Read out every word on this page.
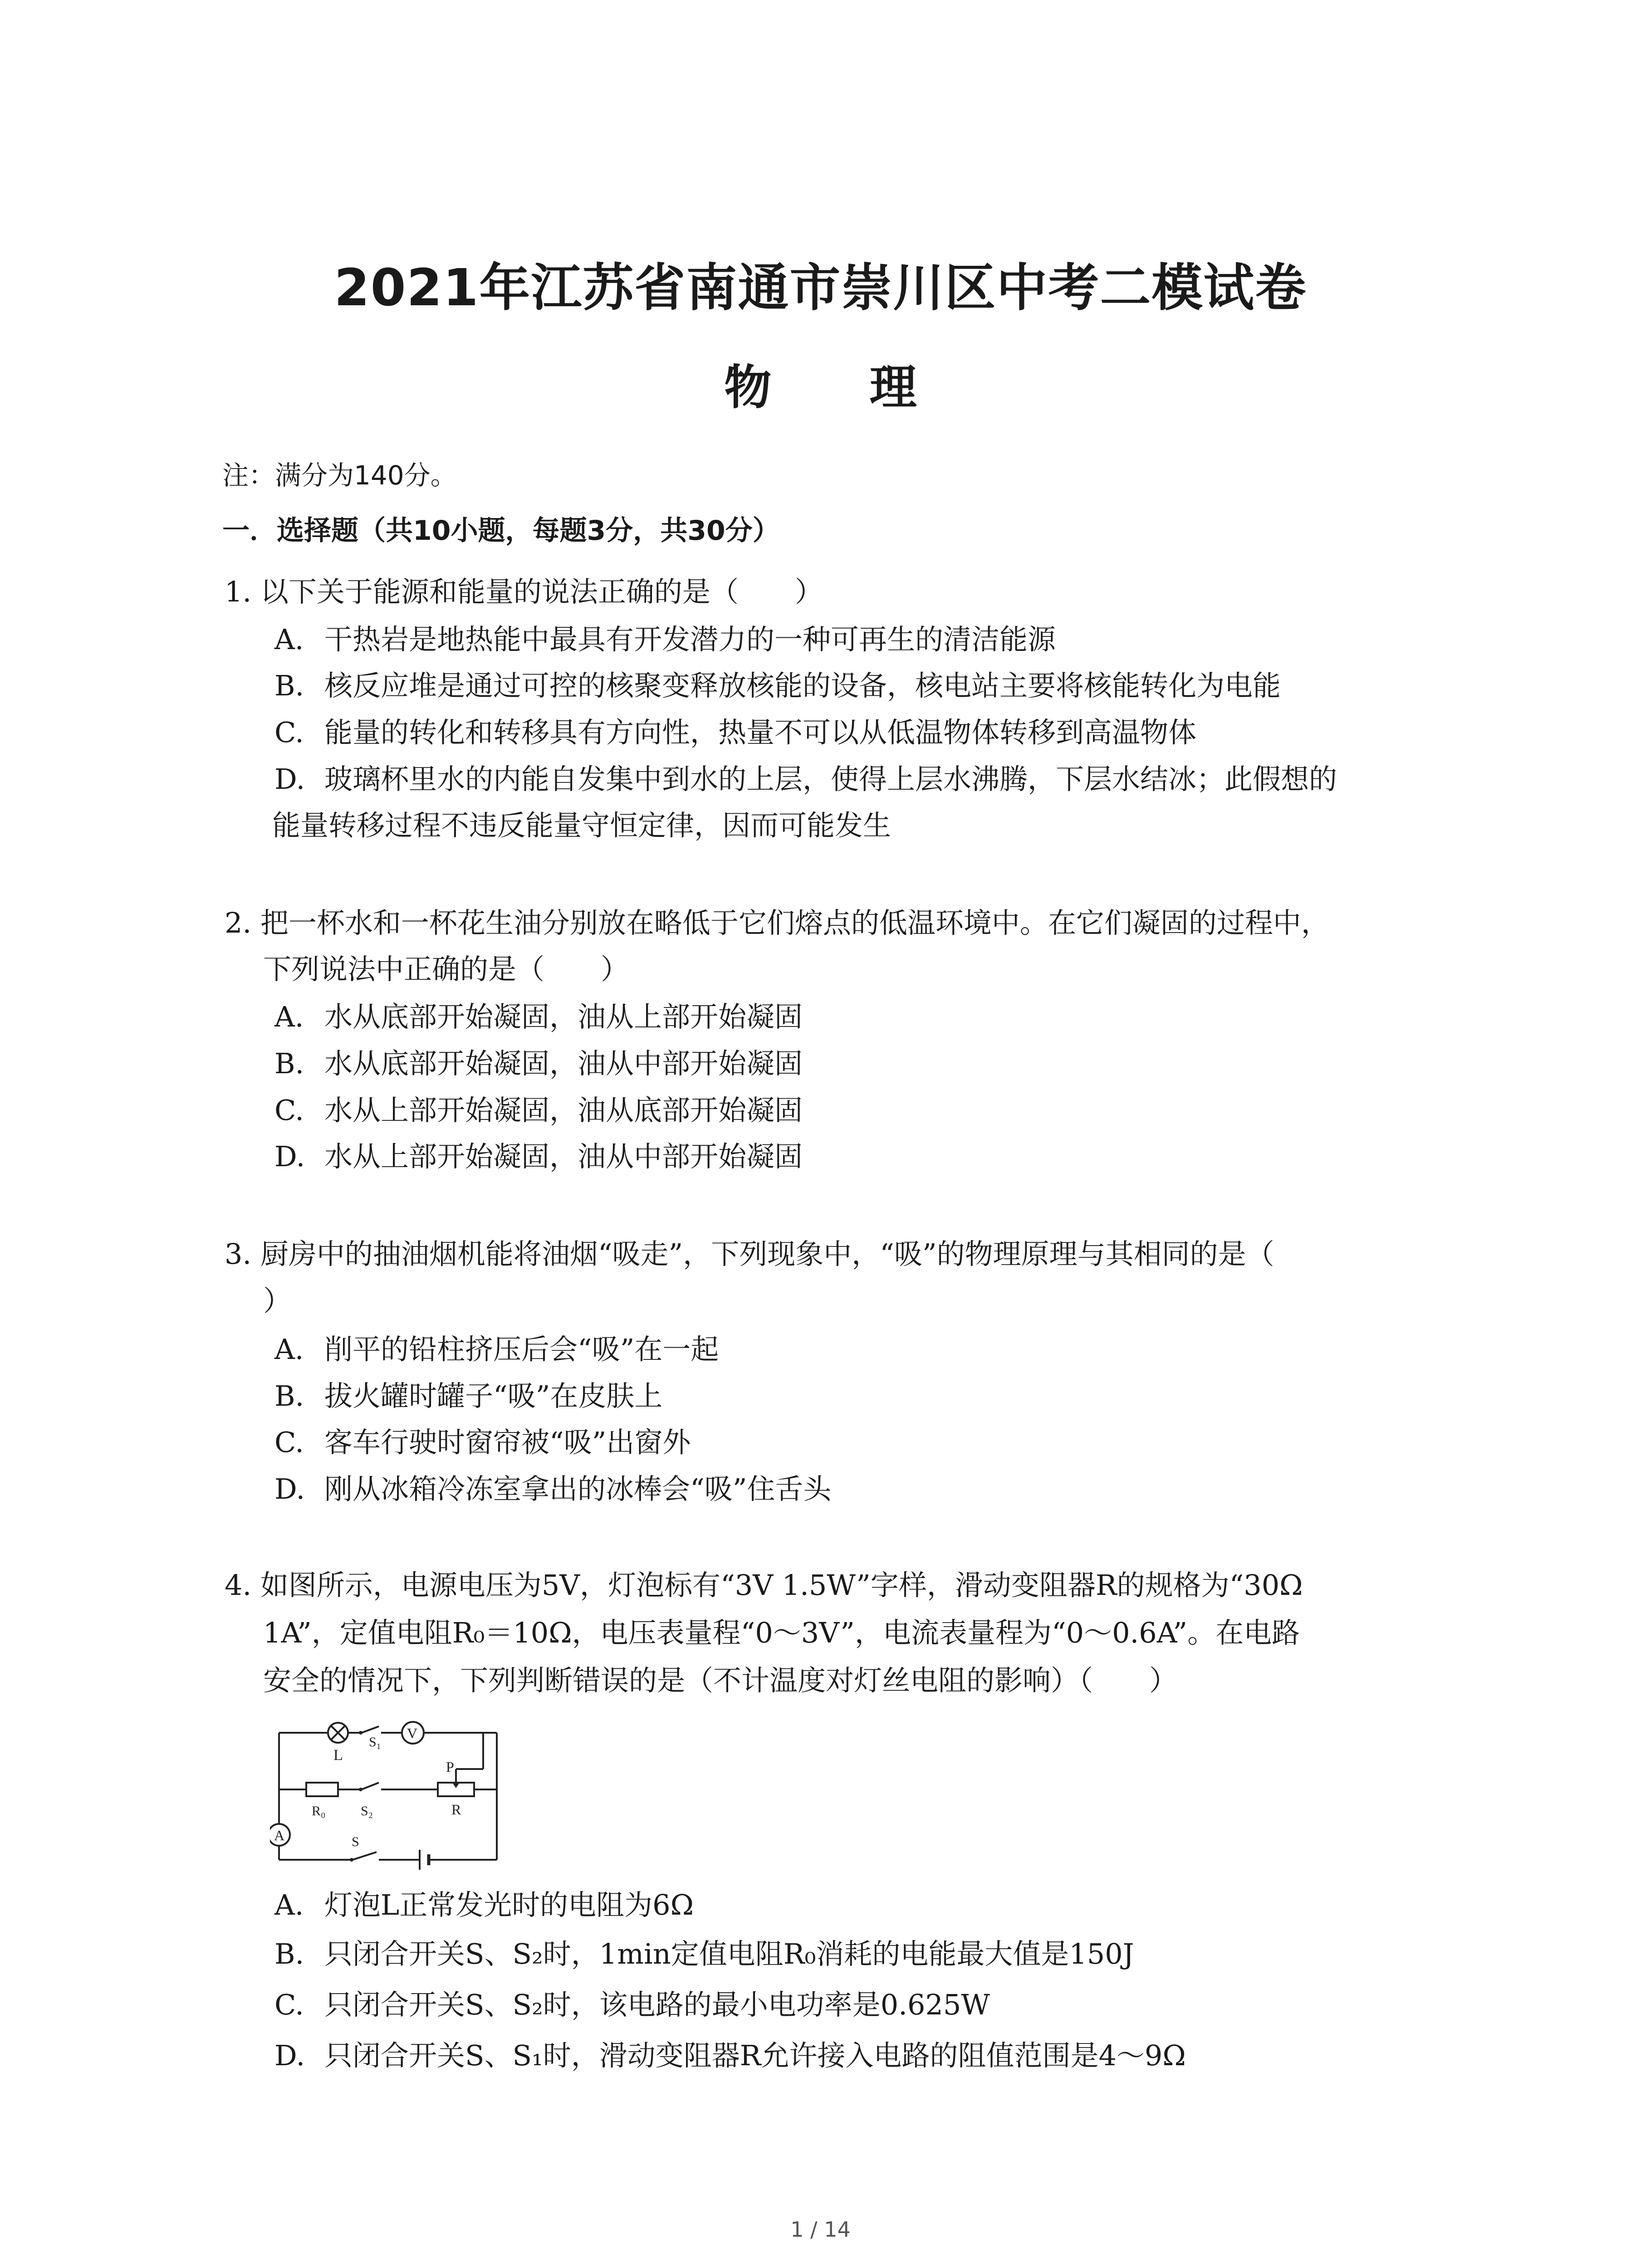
2021年江苏省南通市崇川区中考二模试卷
物 理
注：满分为140分。
一．选择题（共10小题，每题3分，共30分）
1. 以下关于能源和能量的说法正确的是（　　）
A. 干热岩是地热能中最具有开发潜力的一种可再生的清洁能源
B. 核反应堆是通过可控的核聚变释放核能的设备，核电站主要将核能转化为电能
C. 能量的转化和转移具有方向性，热量不可以从低温物体转移到高温物体
D. 玻璃杯里水的内能自发集中到水的上层，使得上层水沸腾，下层水结冰；此假想的
能量转移过程不违反能量守恒定律，因而可能发生
2. 把一杯水和一杯花生油分别放在略低于它们熔点的低温环境中。在它们凝固的过程中，
下列说法中正确的是（　　）
A. 水从底部开始凝固，油从上部开始凝固
B. 水从底部开始凝固，油从中部开始凝固
C. 水从上部开始凝固，油从底部开始凝固
D. 水从上部开始凝固，油从中部开始凝固
3. 厨房中的抽油烟机能将油烟“吸走”，下列现象中，“吸”的物理原理与其相同的是（
）
A. 削平的铅柱挤压后会“吸”在一起
B. 拔火罐时罐子“吸”在皮肤上
C. 客车行驶时窗帘被“吸”出窗外
D. 刚从冰箱冷冻室拿出的冰棒会“吸”住舌头
4. 如图所示，电源电压为5V，灯泡标有“3V 1.5W”字样，滑动变阻器R的规格为“30Ω
1A”，定值电阻R₀＝10Ω，电压表量程“0～3V”，电流表量程为“0～0.6A”。在电路
安全的情况下，下列判断错误的是（不计温度对灯丝电阻的影响）（　　）
L
S₁
V
P
R₀	S₂	R
A	S
A. 灯泡L正常发光时的电阻为6Ω
B. 只闭合开关S、S₂时，1min定值电阻R₀消耗的电能最大值是150J
C. 只闭合开关S、S₂时，该电路的最小电功率是0.625W
D. 只闭合开关S、S₁时，滑动变阻器R允许接入电路的阻值范围是4～9Ω
1 / 14
